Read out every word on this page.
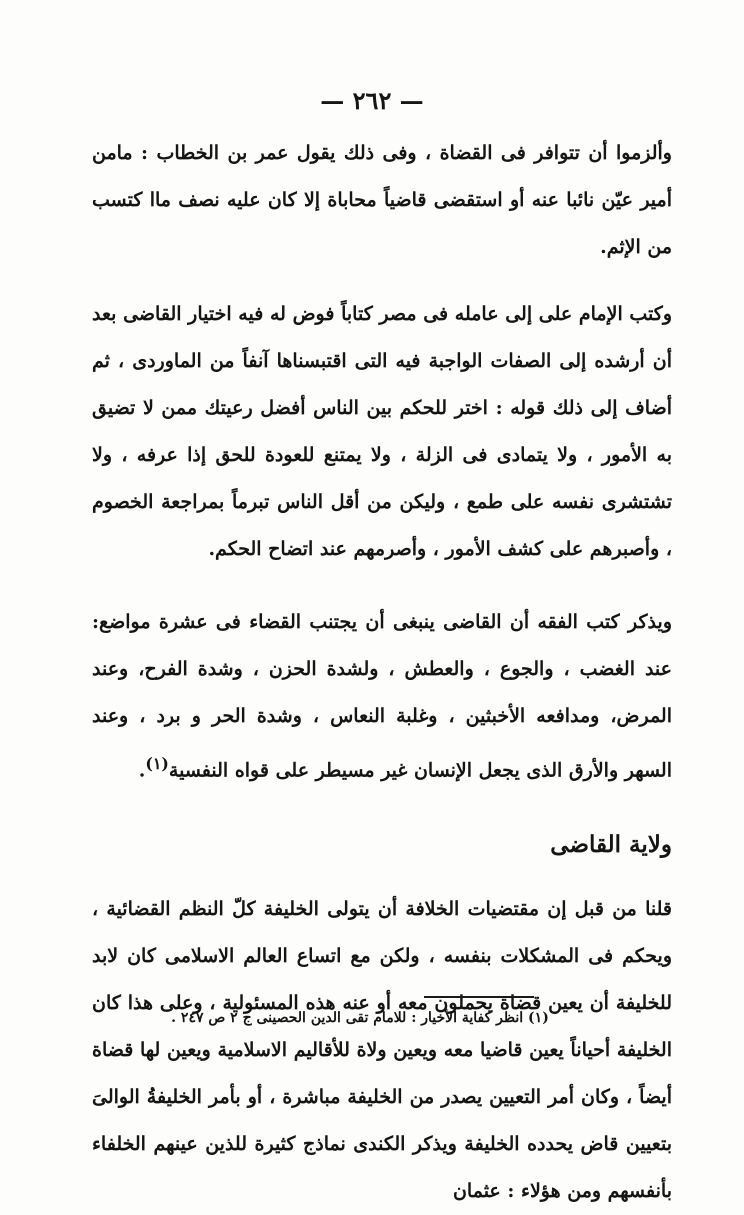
— ٢٦٢ —

وألزموا أن تتوافر فى القضاة ، وفى ذلك يقول عمر بن الخطاب : مامن أمير عيّن نائبا عنه أو استقضى قاضياً محاباة إلا كان عليه نصف ماا كتسب من الإثم.

وكتب الإمام على إلى عامله فى مصر كتاباً فوض له فيه اختيار القاضى بعد أن أرشده إلى الصفات الواجبة فيه التى اقتبسناها آنفاً من الماوردى ، ثم أضاف إلى ذلك قوله : اختر للحكم بين الناس أفضل رعيتك ممن لا تضيق به الأمور ، ولا يتمادى فى الزلة ، ولا يمتنع للعودة للحق إذا عرفه ، ولا تشتشرى نفسه على طمع ، وليكن من أقل الناس تبرماً بمراجعة الخصوم ، وأصبرهم على كشف الأمور ، وأصرمهم عند اتضاح الحكم.

ويذكر كتب الفقه أن القاضى ينبغى أن يجتنب القضاء فى عشرة مواضع: عند الغضب ، والجوع ، والعطش ، ولشدة الحزن ، وشدة الفرح، وعند المرض، ومدافعه الأخبثين ، وغلبة النعاس ، وشدة الحر و برد ، وعند السهر والأرق الذى يجعل الإنسان غير مسيطر على قواه النفسية$^{(١)}$.

ولاية القاضى

قلنا من قبل إن مقتضيات الخلافة أن يتولى الخليفة كلّ النظم القضائية ، ويحكم فى المشكلات بنفسه ، ولكن مع اتساع العالم الاسلامى كان لابد للخليفة أن يعين قضاة يحملون معه أو عنه هذه المسئولية ، وعلى هذا كان الخليفة أحياناً يعين قاضيا معه ويعين ولاة للأقاليم الاسلامية ويعين لها قضاة أيضاً ، وكان أمر التعيين يصدر من الخليفة مباشرة ، أو بأمر الخليفةُ الوالىَ بتعيين قاض يحدده الخليفة ويذكر الكندى نماذج كثيرة للذين عينهم الخلفاء بأنفسهم ومن هؤلاء : عثمان

(١) انظر كفاية الأخيار : للامام تقى الدين الحصينى ج ٢ ص ٢٤٧ .
